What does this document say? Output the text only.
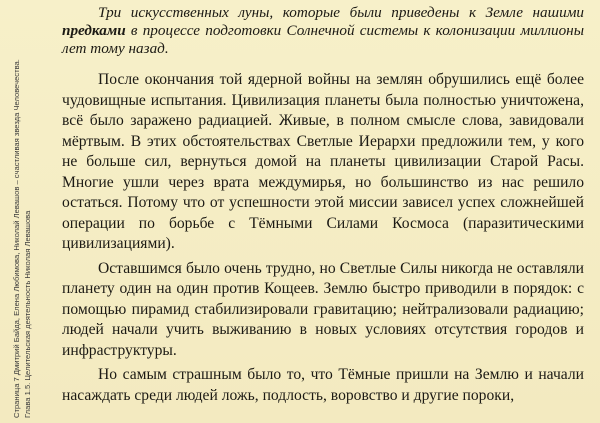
Страница 7 Дмитрий Байда, Елена Любимова, Николай Левашов – счастливая звезда Человечества. Глава 1.5. Целительская деятельность Николая Левашова

Три искусственных луны, которые были приведены к Земле нашими предками в процессе подготовки Солнечной системы к колонизации миллионы лет тому назад.

После окончания той ядерной войны на землян обрушились ещё более чудовищные испытания. Цивилизация планеты была полностью уничтожена, всё было заражено радиацией. Живые, в полном смысле слова, завидовали мёртвым. В этих обстоятельствах Светлые Иерархи предложили тем, у кого не больше сил, вернуться домой на планеты цивилизации Старой Расы. Многие ушли через врата междумирья, но большинство из нас решило остаться. Потому что от успешности этой миссии зависел успех сложнейшей операции по борьбе с Тёмными Силами Космоса (паразитическими цивилизациями).

Оставшимся было очень трудно, но Светлые Силы никогда не оставляли планету один на один против Кощеев. Землю быстро приводили в порядок: с помощью пирамид стабилизировали гравитацию; нейтрализовали радиацию; людей начали учить выживанию в новых условиях отсутствия городов и инфраструктуры.

Но самым страшным было то, что Тёмные пришли на Землю и начали насаждать среди людей ложь, подлость, воровство и другие пороки,
